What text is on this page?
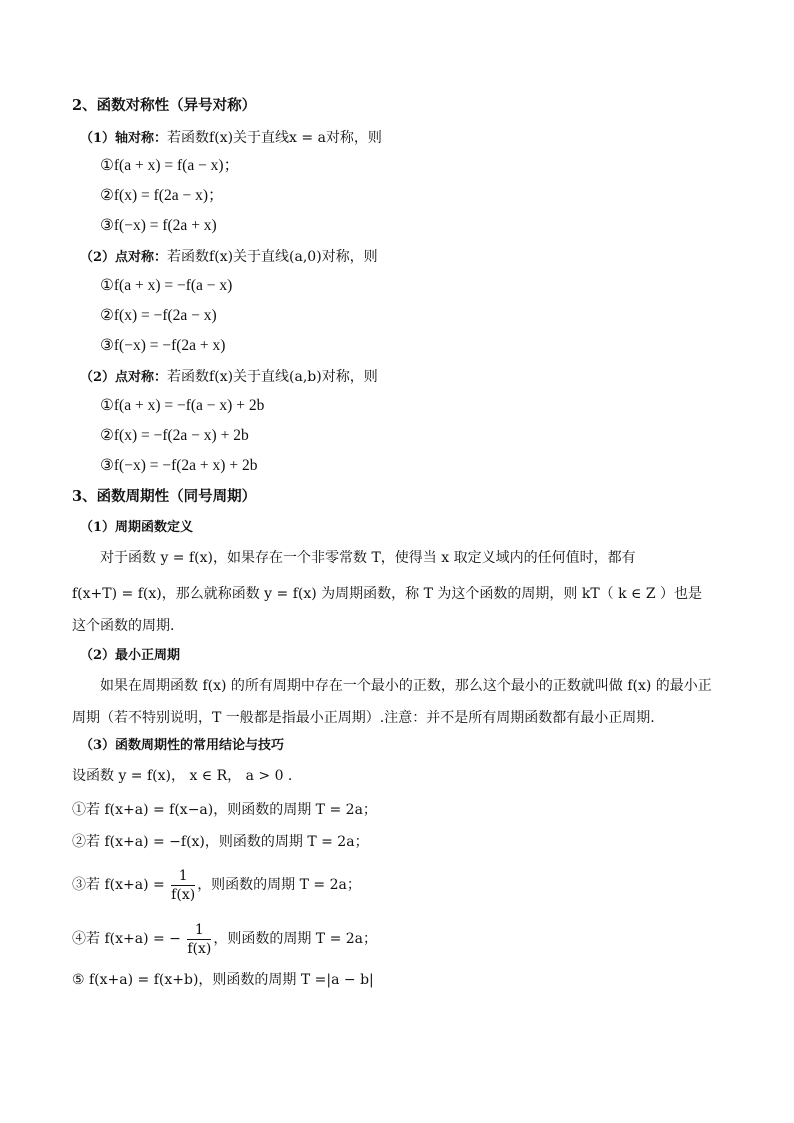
2、函数对称性（异号对称）
（1）轴对称：若函数f(x)关于直线x = a对称，则
①f(a + x) = f(a − x)；
②f(x) = f(2a − x)；
③f(−x) = f(2a + x)
（2）点对称：若函数f(x)关于直线(a,0)对称，则
①f(a + x) = −f(a − x)
②f(x) = −f(2a − x)
③f(−x) = −f(2a + x)
（2）点对称：若函数f(x)关于直线(a,b)对称，则
①f(a + x) = −f(a − x) + 2b
②f(x) = −f(2a − x) + 2b
③f(−x) = −f(2a + x) + 2b
3、函数周期性（同号周期）
（1）周期函数定义
对于函数 y = f(x)，如果存在一个非零常数 T，使得当 x 取定义域内的任何值时，都有
f(x+T) = f(x)，那么就称函数 y = f(x) 为周期函数，称 T 为这个函数的周期，则 kT（ k ∈ Z ）也是
这个函数的周期.
（2）最小正周期
如果在周期函数 f(x) 的所有周期中存在一个最小的正数，那么这个最小的正数就叫做 f(x) 的最小正
周期（若不特别说明，T 一般都是指最小正周期）.注意：并不是所有周期函数都有最小正周期.
（3）函数周期性的常用结论与技巧
设函数 y = f(x)， x ∈ R， a > 0 .
①若 f(x+a) = f(x−a)，则函数的周期 T = 2a；
②若 f(x+a) = −f(x)，则函数的周期 T = 2a；
③若 $f(x+a) = \frac{1}{f(x)}$ ，则函数的周期 T = 2a；
④若 f(x+a) = − $\frac{1}{f(x)}$ ，则函数的周期 T = 2a；
⑤ f(x+a) = f(x+b)，则函数的周期 T =|a − b|
